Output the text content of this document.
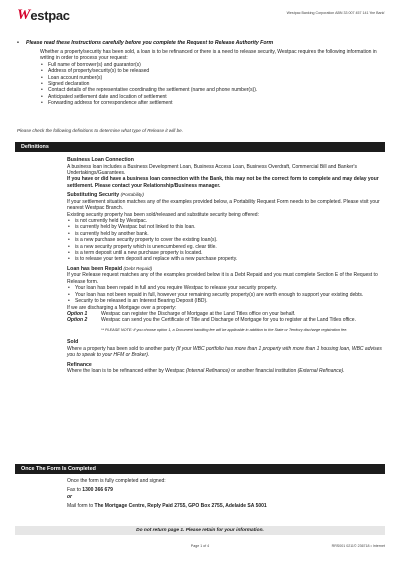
W estpac	Westpac Banking Corporation ABN 33 007 457 141 'the Bank'
• Please read these Instructions carefully before you complete the Request to Release Authority Form

Whether a property/security has been sold, a loan is to be refinanced or there is a need to release security, Westpac requires the following information in writing in order to process your request:

• Full name of borrower(s) and guarantor(s)
• Address of property/security(s) to be released
• Loan account number(s)
• Signed declaration
• Contact details of the representative coordinating the settlement (name and phone number(s)).
• Anticipated settlement date and location of settlement
• Forwarding address for correspondence after settlement
Please check the following definitions to determine what type of Release it will be.
Definitions

Business Loan Connection

A business loan includes a Business Development Loan, Business Access Loan, Business Overdraft, Commercial Bill and Banker's Undertakings/Guarantees.

If you have or did have a business loan connection with the Bank, this may not be the correct form to complete and may delay your settlement. Please contact your Relationship/Business manager.

Substituting Security (Portability)

If your settlement situation matches any of the examples provided below, a Portability Request Form needs to be completed. Please visit your nearest Westpac Branch.

Existing security property has been sold/released and substitute security being offered:

• is not currently held by Westpac.
• is currently held by Westpac but not linked to this loan.
• is currently held by another bank.
• is a new purchase security property to cover the existing loan(s).
• is a new security property which is unencumbered eg. clear title.
• is a term deposit until a new purchase property is located.
• is to release your term deposit and replace with a new purchase property.

Loan has been Repaid (Debt Repaid)

If your Release request matches any of the examples provided below it is a Debt Repaid and you must complete Section E of the Request to Release form.

• Your loan has been repaid in full and you require Westpac to release your security property.
• Your loan has not been repaid in full, however your remaining security property(s) are worth enough to support your existing debts.
• Security to be released is an Interest Bearing Deposit (IBD).

If we are discharging a Mortgage over a property:

Option 1	Westpac can register the Discharge of Mortgage at the Land Titles office on your behalf.
Option 2	Westpac can send you the Certificate of Title and Discharge of Mortgage for you to register at the Land Titles office.

** PLEASE NOTE: if you choose option 1, a Document handling fee will be applicable in addition to the State or Territory discharge registration fee.

Sold

Where a property has been sold to another party (If your WBC portfolio has more than 1 property with more than 1 housing loan, WBC advises you to speak to your HFM or Broker).

Refinance

Where the loan is to be refinanced either by Westpac (Internal Refinance) or another financial institution (External Refinance).

Once The Form Is Completed

Once the form is fully completed and signed:

Fax to 1300 366 679

or

Mail form to The Mortgage Centre, Reply Paid 2755, GPO Box 2755, Adelaide SA 5001

Do not return page 1. Please retain for your information.
Page 1 of 4	RRS001 0211© 236718 • Internet
